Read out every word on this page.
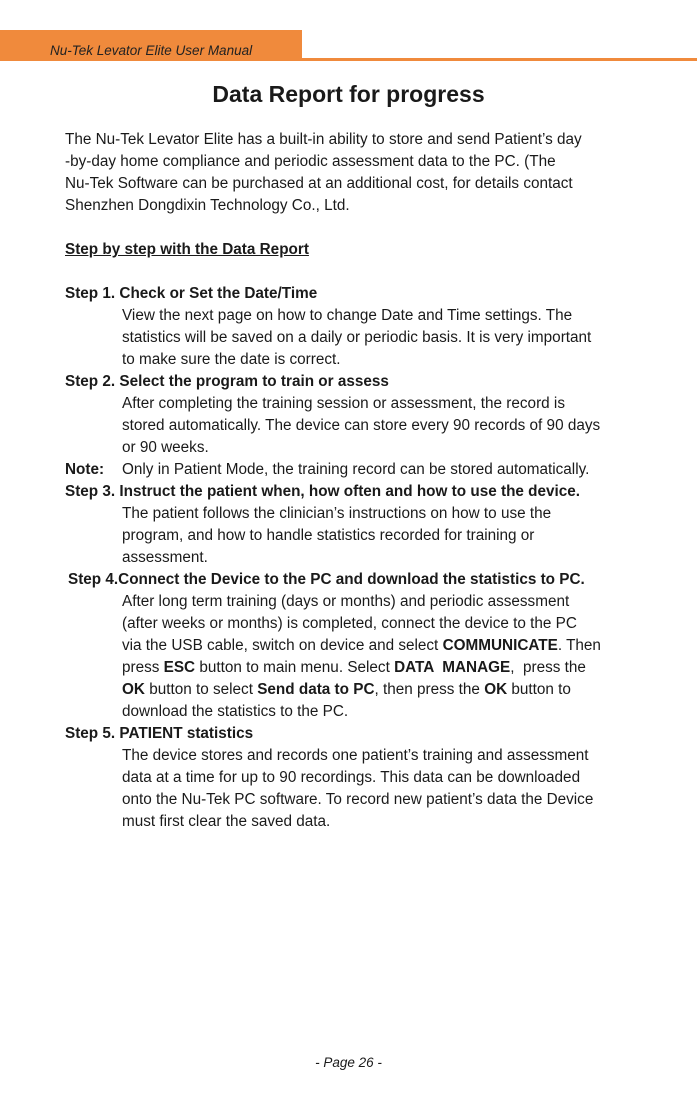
Nu-Tek Levator Elite User Manual
Data Report for progress
The Nu-Tek Levator Elite has a built-in ability to store and send Patient’s day
-by-day home compliance and periodic assessment data to the PC. (The
Nu-Tek Software can be purchased at an additional cost, for details contact
Shenzhen Dongdixin Technology Co., Ltd.
Step by step with the Data Report
Step 1. Check or Set the Date/Time
View the next page on how to change Date and Time settings. The
statistics will be saved on a daily or periodic basis. It is very important
to make sure the date is correct.
Step 2. Select the program to train or assess
After completing the training session or assessment, the record is
stored automatically. The device can store every 90 records of 90 days
or 90 weeks.
Note: Only in Patient Mode, the training record can be stored automatically.
Step 3. Instruct the patient when, how often and how to use the device.
The patient follows the clinician’s instructions on how to use the
program, and how to handle statistics recorded for training or
assessment.
Step 4.Connect the Device to the PC and download the statistics to PC.
After long term training (days or months) and periodic assessment
(after weeks or months) is completed, connect the device to the PC
via the USB cable, switch on device and select COMMUNICATE. Then
press ESC button to main menu. Select DATA  MANAGE,  press the
OK button to select Send data to PC, then press the OK button to
download the statistics to the PC.
Step 5. PATIENT statistics
The device stores and records one patient’s training and assessment
data at a time for up to 90 recordings. This data can be downloaded
onto the Nu-Tek PC software. To record new patient’s data the Device
must first clear the saved data.
- Page 26 -
